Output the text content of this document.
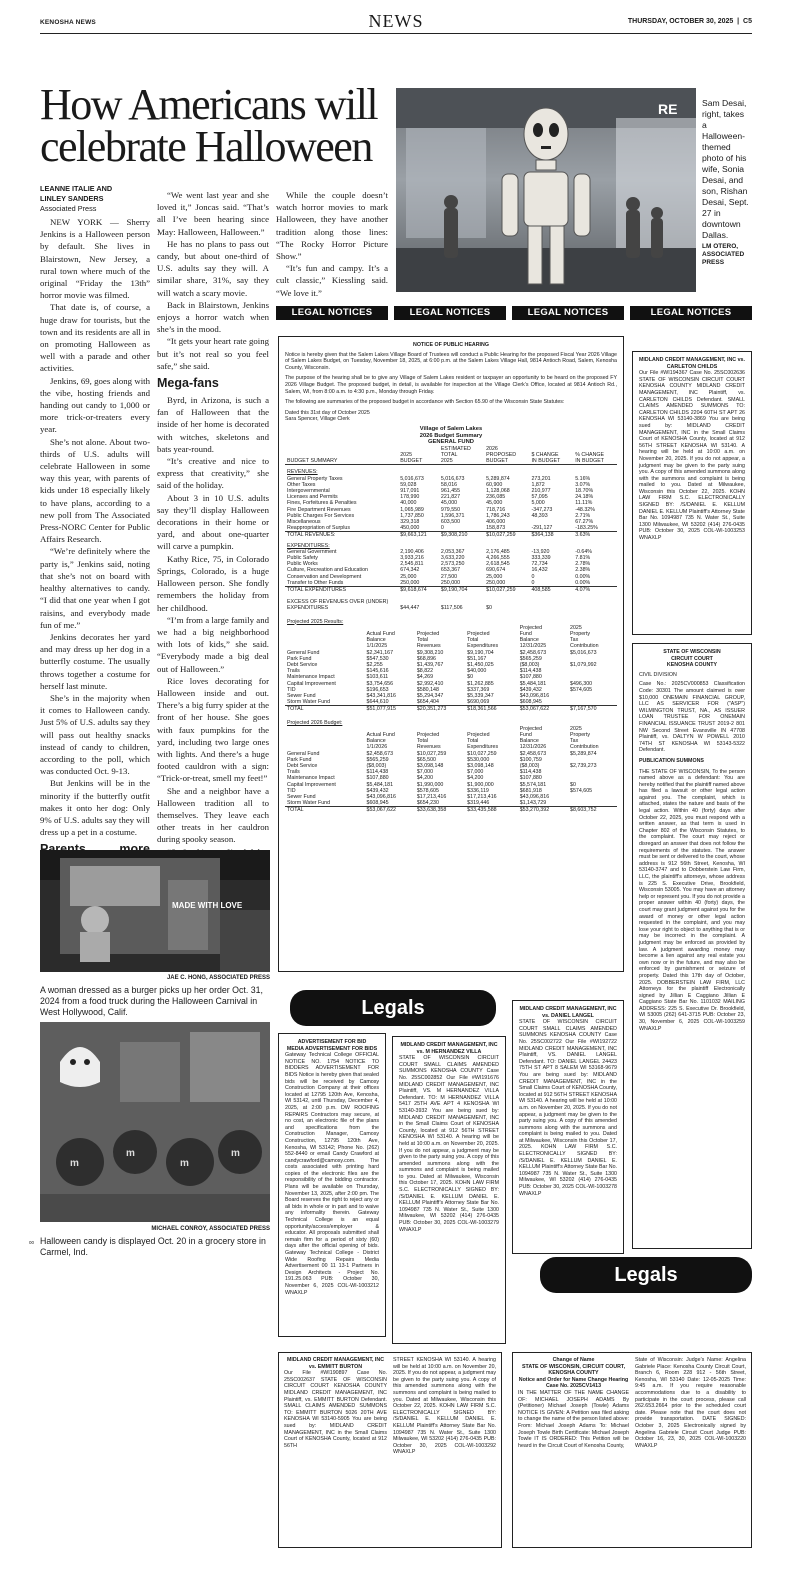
KENOSHA NEWS	NEWS	THURSDAY, OCTOBER 30, 2025  |  C5
How Americans will celebrate Halloween
RE	Sam Desai, right, takes a Halloween-themed photo of his wife, Sonia Desai, and son, Rishan Desai, Sept. 27 in downtown Dallas.
LM OTERO,
ASSOCIATED PRESS
LEANNE ITALIE AND
LINLEY SANDERS
Associated Press

NEW YORK — Sherry Jenkins is a Halloween person by default. She lives in Blairstown, New Jersey, a rural town where much of the original “Friday the 13th” horror movie was filmed.

That date is, of course, a huge draw for tourists, but the town and its residents are all in on promoting Halloween as well with a parade and other activities.

Jenkins, 69, goes along with the vibe, hosting friends and handing out candy to 1,000 or more trick-or-treaters every year.

She’s not alone. About two-thirds of U.S. adults will celebrate Halloween in some way this year, with parents of kids under 18 especially likely to have plans, according to a new poll from The Associated Press-NORC Center for Public Affairs Research.

“We’re definitely where the party is,” Jenkins said, noting that she’s not on board with healthy alternatives to candy. “I did that one year when I got raisins, and everybody made fun of me.”

Jenkins decorates her yard and may dress up her dog in a butterfly costume. The usually throws together a costume for herself last minute.

She’s in the majority when it comes to Halloween candy. Just 5% of U.S. adults say they will pass out healthy snacks instead of candy to children, according to the poll, which was conducted Oct. 9-13.

But Jenkins will be in the minority if the butterfly outfit makes it onto her dog: Only 9% of U.S. adults say they will dress up a pet in a costume.

“We went last year and she loved it,” Joncas said. “That’s all I’ve been hearing since May: Halloween, Halloween.”

He has no plans to pass out candy, but about one-third of U.S. adults say they will. A similar share, 31%, say they will watch a scary movie.

Back in Blairstown, Jenkins enjoys a horror watch when she’s in the mood.

“It gets your heart rate going but it’s not real so you feel safe,” she said.

Mega-fans

Byrd, in Arizona, is such a fan of Halloween that the inside of her home is decorated with witches, skeletons and bats year-round.

“It’s creative and nice to express that creativity,” she said of the holiday.

About 3 in 10 U.S. adults say they’ll display Halloween decorations in their home or yard, and about one-quarter will carve a pumpkin.

Kathy Rice, 75, in Colorado Springs, Colorado, is a huge Halloween person. She fondly remembers the holiday from her childhood.

“I’m from a large family and we had a big neighborhood with lots of kids,” she said. “Everybody made a big deal out of Halloween.”

Rice loves decorating for Halloween inside and out. There’s a big furry spider at the front of her house. She goes with faux pumpkins for the yard, including two large ones with lights. And there’s a huge footed cauldron with a sign: “Trick-or-treat, smell my feet!”

She and a neighbor have a Halloween tradition all to themselves. They leave each other treats in her cauldron during spooky season.

While the couple doesn’t watch horror movies to mark Halloween, they have another tradition along those lines: “The Rocky Horror Picture Show.”

“It’s fun and campy. It’s a cult classic,” Kiessling said. “We love it.”

MADE WITH LOVE
JAE C. HONG, ASSOCIATED PRESS
A woman dressed as a burger picks up her order Oct. 31, 2024 from a food truck during the Halloween Carnival in West Hollywood, Calif.
m
m
m
m
MICHAEL CONROY, ASSOCIATED PRESS
Halloween candy is displayed Oct. 20 in a grocery store in Carmel, Ind.
00
LEGAL NOTICES	LEGAL NOTICES	LEGAL NOTICES	LEGAL NOTICES
NOTICE OF PUBLIC HEARING
Notice is hereby given that the Salem Lakes Village Board of Trustees will conduct a Public Hearing for the proposed Fiscal Year 2026 Village of Salem Lakes Budget, on Tuesday, November 18, 2025, at 6:00 p.m. at the Salem Lakes Village Hall, 9814 Antioch Road, Salem, Kenosha County, Wisconsin.
The purpose of the hearing shall be to give any Village of Salem Lakes resident or taxpayer an opportunity to be heard on the proposed FY 2026 Village Budget. The proposed budget, in detail, is available for inspection at the Village Clerk’s Office, located at 9814 Antioch Rd., Salem, WI, from 8:00 a.m. to 4:30 p.m., Monday through Friday.
The following are summaries of the proposed budget in accordance with Section 65.90 of the Wisconsin State Statutes:
Dated this 31st day of October 2025
Sara Spencer, Village Clerk
Village of Salem Lakes
2026 Budget Summary
GENERAL FUND
		ESTIMATED	2026		
	2025	TOTAL	PROPOSED	$ CHANGE	% CHANGE
BUDGET SUMMARY	BUDGET	2025	BUDGET	IN BUDGET	IN BUDGET
REVENUES:					
General Property Taxes	5,016,673	5,016,673	5,289,874	273,201	5.16%
Other Taxes	59,028	58,016	60,900	1,872	3.07%
Intergovernmental	917,091	961,455	1,128,068	210,977	18.70%
Licenses and Permits	178,990	221,827	236,085	57,095	24.18%
Fines, Forfeitures & Penalties	40,000	45,000	45,000	5,000	11.11%
Fire Department Revenues	1,065,989	979,550	718,716	-347,273	-48.32%
Public Charges For Services	1,737,850	1,596,371	1,786,243	48,393	2.71%
Miscellaneous	329,318	603,500	406,000		67.27%
Reappropriation of Surplus	450,000	0	158,873	-291,127	-183.25%
TOTAL REVENUES:	$9,663,121	$9,308,210	$10,027,259	$364,138	3.63%
EXPENDITURES:					
General Government	2,190,406	2,053,367	2,176,485	-13,920	-0.64%
Public Safety	3,933,216	3,633,220	4,266,555	333,339	7.81%
Public Works	2,545,811	2,573,250	2,618,545	72,734	2.78%
Culture, Recreation and Education	674,342	653,367	690,674	16,432	2.38%
Conservation and Development	25,000	27,500	25,000	0	0.00%
Transfer to Other Funds	250,000	250,000	250,000	0	0.00%
TOTAL EXPENDITURES	$9,618,674	$9,190,704	$10,027,259	408,585	4.07%
EXCESS OF REVENUES OVER (UNDER)					
EXPENDITURES	$44,447	$117,506	$0		
Projected 2025 Results:					
				Projected	2025
	Actual Fund	Projected	Projected	Fund	Property
	Balance	Total	Total	Balance	Tax
	1/1/2025	Revenues	Expenditures	12/31/2025	Contribution
General Fund	$2,341,167	$9,308,210	$9,190,704	$2,458,673	$5,016,673
Park Fund	$547,530	$68,896	$51,167	$565,259	
Debt Service	$2,255	$1,439,767	$1,450,025	($8,003)	$1,079,992
Trails	$145,616	$8,822	$40,000	$114,438	
Maintenance Impact	$103,611	$4,269	$0	$107,880	
Capital Improvement	$3,754,656	$2,992,410	$1,262,885	$5,484,181	$496,300
TID	$196,653	$580,148	$337,369	$439,432	$574,605
Sewer Fund	$43,341,816	$5,294,347	$5,339,347	$43,096,816	
Storm Water Fund	$644,610	$654,404	$690,069	$608,945	
TOTAL	$51,077,915	$20,351,273	$18,361,566	$53,067,622	$7,167,570
Projected 2026 Budget:					
				Projected	2025
	Actual Fund	Projected	Projected	Fund	Property
	Balance	Total	Total	Balance	Tax
	1/1/2026	Revenues	Expenditures	12/31/2026	Contribution
General Fund	$2,458,673	$10,027,259	$10,027,259	$2,458,673	$5,289,874
Park Fund	$565,259	$65,500	$530,000	$100,759	
Debt Service	($8,003)	$3,098,148	$3,098,148	($8,003)	$2,739,273
Trails	$114,438	$7,000	$7,000	$114,438	
Maintenance Impact	$107,880	$4,200	$4,200	$107,880	
Capital Improvement	$5,484,181	$1,990,000	$1,900,000	$5,574,181	$0
TID	$439,432	$578,605	$336,119	$681,918	$574,605
Sewer Fund	$43,096,816	$17,213,416	$17,213,416	$43,096,816	
Storm Water Fund	$608,945	$654,230	$319,446	$1,143,729	
TOTAL	$53,067,622	$33,638,358	$33,435,588	$53,270,392	$8,603,752
MIDLAND CREDIT MANAGEMENT, INC vs. CARLETON CHILDS
Our File #WI194367 Case No. 25SC002636 STATE OF WISCONSIN CIRCUIT COURT KENOSHA COUNTY MIDLAND CREDIT MANAGEMENT, INC Plaintiff, vs. CARLETON CHILDS Defendant. SMALL CLAIMS AMENDED SUMMONS TO: CARLETON CHILDS 2204 60TH ST APT 26 KENOSHA WI 53140-3869 You are being sued by: MIDLAND CREDIT MANAGEMENT, INC in the Small Claims Court of KENOSHA County, located at 912 56TH STREET KENOSHA WI 53140. A hearing will be held at 10:00 a.m. on November 20, 2025. If you do not appear, a judgment may be given to the party suing you. A copy of this amended summons along with the summons and complaint is being mailed to you. Dated at Milwaukee, Wisconsin this October 22, 2025. KOHN LAW FIRM S.C. ELECTRONICALLY SIGNED BY: /S/DANIEL E. KELLUM DANIEL E. KELLUM Plaintiff’s Attorney State Bar No. 1094987 735 N. Water St., Suite 1300 Milwaukee, WI 53202 (414) 276-0435 PUB: October 30, 2025 COL-WI-1003253 WNAXLP
STATE OF WISCONSIN
CIRCUIT COURT
KENOSHA COUNTY
CIVIL DIVISION
Case No.: 2025CV000853 Classification Code: 30301 The amount claimed is over $10,000 ONEMAIN FINANCIAL GROUP, LLC AS SERVICER FOR ("ASP") WILMINGTON TRUST, NA., AS ISSUER LOAN TRUSTEE FOR ONEMAIN FINANCIAL ISSUANCE TRUST 2019-2 801 NW Second Street Evansville IN 47708 Plaintiff, vs. DALTYN W POWELL 2010 74TH ST KENOSHA WI 53143-5322 Defendant.
PUBLICATION SUMMONS
THE STATE OF WISCONSIN, To the person named above as a defendant: You are hereby notified that the plaintiff named above has filed a lawsuit or other legal action against you. The complaint, which is attached, states the nature and basis of the legal action. Within 40 (forty) days after October 22, 2025, you must respond with a written answer, as that term is used in Chapter 802 of the Wisconsin Statutes, to the complaint. The court may reject or disregard an answer that does not follow the requirements of the statutes. The answer must be sent or delivered to the court, whose address is 912 56th Street, Kenosha, WI 53140-3747 and to Dobberstein Law Firm, LLC, the plaintiff’s attorneys, whose address is 225 S. Executive Drive, Brookfield, Wisconsin 53005. You may have an attorney help or represent you. If you do not provide a proper answer within 40 (forty) days, the court may grant judgment against you for the award of money or other legal action requested in the complaint, and you may lose your right to object to anything that is or may be incorrect in the complaint. A judgment may be enforced as provided by law. A judgment awarding money may become a lien against any real estate you own now or in the future, and may also be enforced by garnishment or seizure of property. Dated this 17th day of October, 2025. DOBBERSTEIN LAW FIRM, LLC Attorneys for the plaintiff Electronically signed by Jillian E Caggiano Jillian E Caggiano State Bar No. 1101032 MAILING ADDRESS: 225 S. Executive Dr. Brookfield, WI 53005 (262) 641-3715 PUB: October 23, 30, November 6, 2025 COL-WI-1003259 WNAXLP
Legals
ADVERTISEMENT FOR BID
MEDIA ADVERTISEMENT FOR BIDS
Gateway Technical College OFFICIAL NOTICE NO. 1754 NOTICE TO BIDDERS ADVERTISEMENT FOR BIDS Notice is hereby given that sealed bids will be received by Camosy Construction Company at their offices located at 12795 120th Ave, Kenosha, WI 53142, until Thursday, December 4, 2025, at 2:00 p.m. DW ROOFING REPAIRS Contractors may secure, at no cost, an electronic file of the plans and specifications from the Construction Manager, Camosy Construction, 12795 120th Ave, Kenosha, WI 53142; Phone No. (262) 552-8440 or email Candy Crawford at candycrawford@camosy.com. The costs associated with printing hard copies of the electronic files are the responsibility of the bidding contractor. Plans will be available on Thursday, November 13, 2025, after 2:00 pm. The Board reserves the right to reject any or all bids in whole or in part and to waive any informality therein. Gateway Technical College is an equal opportunity/access/employer & educator. All proposals submitted shall remain firm for a period of sixty (60) days after the official opening of bids. Gateway Technical College - District Wide Roofing Repairs Media Advertisement 00 11 13-1 Partners in Design Architects - Project No. 191.25.063 PUB: October 30, November 6, 2025 COL-WI-1003212 WNAXLP
MIDLAND CREDIT MANAGEMENT, INC vs. M HERNANDEZ VILLA
STATE OF WISCONSIN CIRCUIT COURT SMALL CLAIMS AMENDED SUMMONS KENOSHA COUNTY Case No. 25SC002852 Our File #WI191676 MIDLAND CREDIT MANAGEMENT, INC Plaintiff, VS. M HERNANDEZ VILLA Defendant. TO: M HERNANDEZ VILLA 5417 25TH AVE APT 4 KENOSHA WI 53140-3932 You are being sued by: MIDLAND CREDIT MANAGEMENT, INC in the Small Claims Court of KENOSHA County, located at 912 56TH STREET KENOSHA WI 53140. A hearing will be held at 10:00 a.m. on November 20, 2025. If you do not appear, a judgment may be given to the party suing you. A copy of this amended summons along with the summons and complaint is being mailed to you. Dated at Milwaukee, Wisconsin this October 17, 2025. KOHN LAW FIRM S.C. ELECTRONICALLY SIGNED BY: /S/DANIEL E. KELLUM DANIEL E. KELLUM Plaintiff’s Attorney State Bar No. 1094987 735 N. Water St., Suite 1300 Milwaukee, WI 53202 (414) 276-0435 PUB: October 30, 2025 COL-WI-1003279 WNAXLP
MIDLAND CREDIT MANAGEMENT, INC vs. DANIEL LANGEL
STATE OF WISCONSIN CIRCUIT COURT SMALL CLAIMS AMENDED SUMMONS KENOSHA COUNTY Case No. 25SC002722 Our File #WI192722 MIDLAND CREDIT MANAGEMENT, INC Plaintiff, VS. DANIEL LANGEL Defendant. TO: DANIEL LANGEL 24423 75TH ST APT 8 SALEM WI 53168-9679 You are being sued by: MIDLAND CREDIT MANAGEMENT, INC in the Small Claims Court of KENOSHA County, located at 912 56TH STREET KENOSHA WI 53140. A hearing will be held at 10:00 a.m. on November 20, 2025. If you do not appear, a judgment may be given to the party suing you. A copy of this amended summons along with the summons and complaint is being mailed to you. Dated at Milwaukee, Wisconsin this October 17, 2025. KOHN LAW FIRM S.C. ELECTRONICALLY SIGNED BY: /S/DANIEL E. KELLUM DANIEL E. KELLUM Plaintiff’s Attorney State Bar No. 1094987 735 N. Water St., Suite 1300 Milwaukee, WI 53202 (414) 276-0435 PUB: October 30, 2025 COL-WI-1003278 WNAXLP
Legals
MIDLAND CREDIT MANAGEMENT, INC vs. EMMITT BURTON
Our File #WI190897 Case No. 25SC002637 STATE OF WISCONSIN CIRCUIT COURT KENOSHA COUNTY MIDLAND CREDIT MANAGEMENT, INC Plaintiff, vs. EMMITT BURTON Defendant. SMALL CLAIMS AMENDED SUMMONS TO: EMMITT BURTON 5026 20TH AVE KENOSHA WI 53140-5905 You are being sued by: MIDLAND CREDIT MANAGEMENT, INC in the Small Claims Court of KENOSHA County, located at 912 56TH
STREET KENOSHA WI 53140. A hearing will be held at 10:00 a.m. on November 20, 2025. If you do not appear, a judgment may be given to the party suing you. A copy of this amended summons along with the summons and complaint is being mailed to you. Dated at Milwaukee, Wisconsin this October 22, 2025. KOHN LAW FIRM S.C. ELECTRONICALLY SIGNED BY: /S/DANIEL E. KELLUM DANIEL E. KELLUM Plaintiff’s Attorney State Bar No. 1094987 735 N. Water St., Suite 1300 Milwaukee, WI 53202 (414) 276-0435 PUB: October 30, 2025 COL-WI-1003292 WNAXLP
Change of Name
STATE OF WISCONSIN, CIRCUIT COURT, KENOSHA COUNTY
Notice and Order for Name Change Hearing
Case No. 2025CV1413
IN THE MATTER OF THE NAME CHANGE OF: MICHAEL JOSEPH ADAMS By (Petitioner) Michael Joseph (Towle) Adams NOTICE IS GIVEN: A Petition was filed asking to change the name of the person listed above: From: Michael Joseph Adams To: Michael Joseph Towle Birth Certificate: Michael Joseph Towle IT IS ORDERED: This Petition will be heard in the Circuit Court of Kenosha County,
State of Wisconsin: Judge’s Name: Angelina Gabriele Place: Kenosha County Circuit Court, Branch 6, Room 228 912 - 56th Street, Kenosha, WI 53140 Date: 12-05-2025 Time: 9:45 a.m. If you require reasonable accommodations due to a disability to participate in the court process, please call 262.653.2664 prior to the scheduled court date. Please note that the court does not provide transportation. DATE SIGNED: October 3, 2025 Electronically signed by Angelina Gabriele Circuit Court Judge PUB: October 16, 23, 30, 2025 COL-WI-1003220 WNAXLP
